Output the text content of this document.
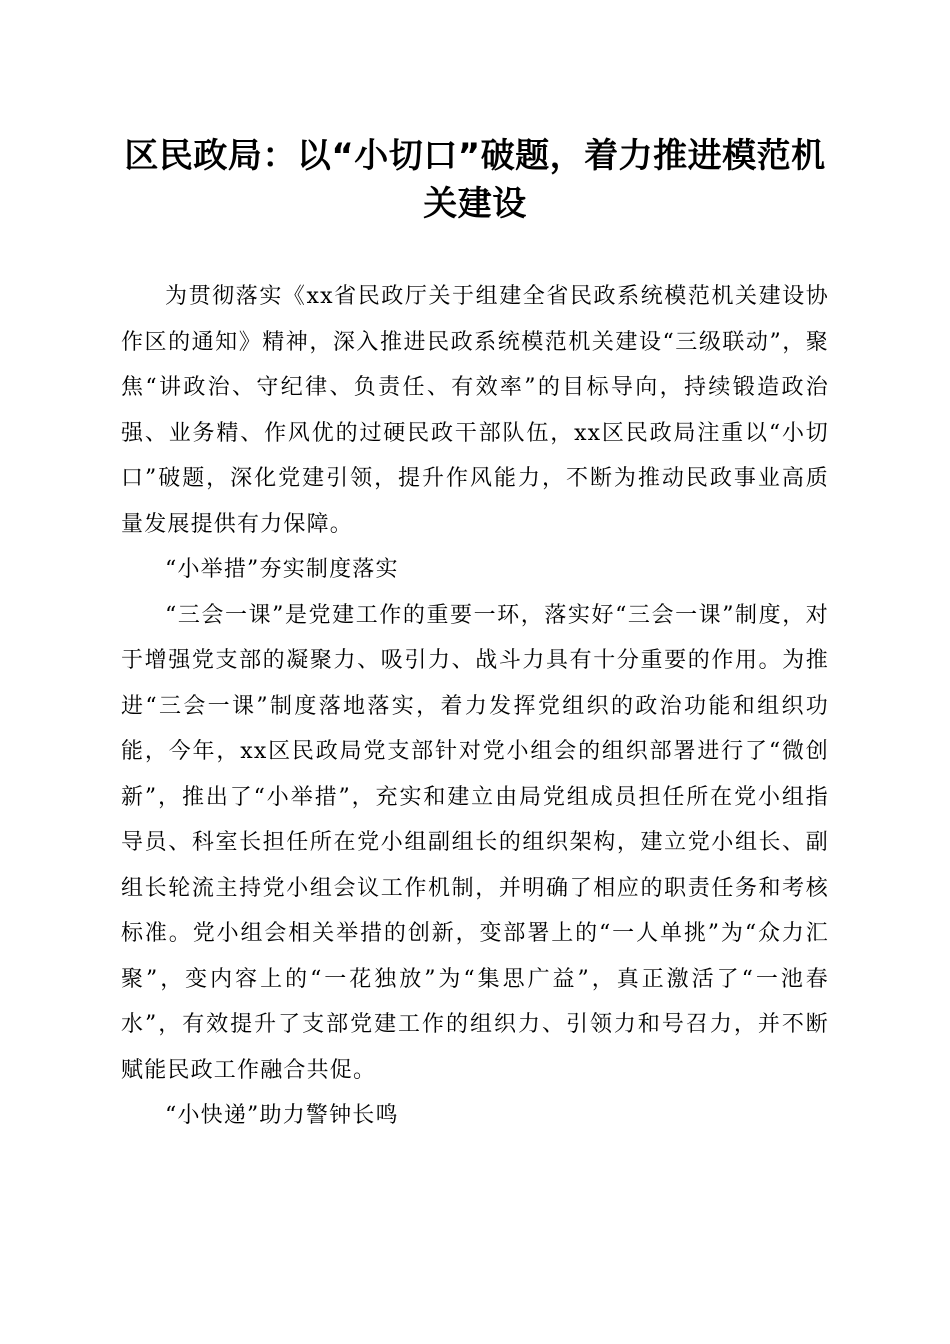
区民政局：以“小切口”破题，着力推进模范机关建设

为贯彻落实《xx省民政厅关于组建全省民政系统模范机关建设协作区的通知》精神，深入推进民政系统模范机关建设“三级联动”，聚焦“讲政治、守纪律、负责任、有效率”的目标导向，持续锻造政治强、业务精、作风优的过硬民政干部队伍，xx区民政局注重以“小切口”破题，深化党建引领，提升作风能力，不断为推动民政事业高质量发展提供有力保障。

“小举措”夯实制度落实

“三会一课”是党建工作的重要一环，落实好“三会一课”制度，对于增强党支部的凝聚力、吸引力、战斗力具有十分重要的作用。为推进“三会一课”制度落地落实，着力发挥党组织的政治功能和组织功能，今年，xx区民政局党支部针对党小组会的组织部署进行了“微创新”，推出了“小举措”，充实和建立由局党组成员担任所在党小组指导员、科室长担任所在党小组副组长的组织架构，建立党小组长、副组长轮流主持党小组会议工作机制，并明确了相应的职责任务和考核标准。党小组会相关举措的创新，变部署上的“一人单挑”为“众力汇聚”，变内容上的“一花独放”为“集思广益”，真正激活了“一池春水”，有效提升了支部党建工作的组织力、引领力和号召力，并不断赋能民政工作融合共促。

“小快递”助力警钟长鸣
